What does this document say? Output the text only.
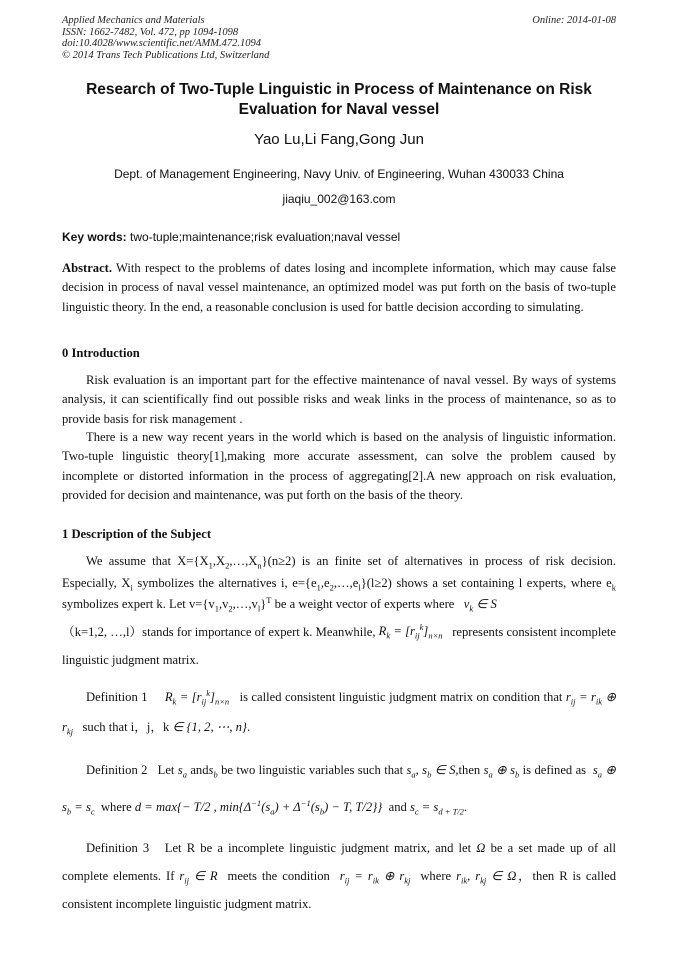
Applied Mechanics and Materials
ISSN: 1662-7482, Vol. 472, pp 1094-1098
doi:10.4028/www.scientific.net/AMM.472.1094
© 2014 Trans Tech Publications Ltd, Switzerland
Online: 2014-01-08
Research of Two-Tuple Linguistic in Process of Maintenance on Risk
Evaluation for Naval vessel
Yao Lu,Li Fang,Gong Jun
Dept. of Management Engineering, Navy Univ. of Engineering, Wuhan 430033 China
jiaqiu_002@163.com
Key words: two-tuple;maintenance;risk evaluation;naval vessel
Abstract. With respect to the problems of dates losing and incomplete information, which may cause false decision in process of naval vessel maintenance, an optimized model was put forth on the basis of two-tuple linguistic theory. In the end, a reasonable conclusion is used for battle decision according to simulating.
0 Introduction
Risk evaluation is an important part for the effective maintenance of naval vessel. By ways of systems analysis, it can scientifically find out possible risks and weak links in the process of maintenance, so as to provide basis for risk management .
There is a new way recent years in the world which is based on the analysis of linguistic information. Two-tuple linguistic theory[1],making more accurate assessment, can solve the problem caused by incomplete or distorted information in the process of aggregating[2].A new approach on risk evaluation, provided for decision and maintenance, was put forth on the basis of the theory.
1 Description of the Subject
We assume that $X=\{X_1,X_2,\dots,X_n\}(n\ge 2)$ is an finite set of alternatives in process of risk decision. Especially, $X_i$ symbolizes the alternatives i, $e=\{e_1,e_2,\dots,e_l\}(l\ge 2)$ shows a set containing l experts, where $e_k$ symbolizes expert k. Let $v=\{v_1,v_2,\dots,v_l\}^T$ be a weight vector of experts where   $v_k$ ∈ S
（k=1,2, …,l）stands for importance of expert k. Meanwhile, $R_k = [r_{ij}^k]_{n\times n}$   represents consistent incomplete linguistic judgment matrix.
Definition 1     $R_k = [r_{ij}^k]_{n\times n}$   is called consistent linguistic judgment matrix on condition that $r_{ij} = r_{ik}$ ⊕ $r_{kj}$   such that i，j，k ∈ {1, 2, ⋯, n}.
Definition 2 Let $s_a$ ands$_b$ be two linguistic variables such that $s_a$, $s_b$ ∈ S,then $s_a$ ⊕ $s_b$ is defined as  $s_a$ ⊕ $s_b = s_c$  where d = max{− T/2 , $\min\{\Delta^{-1}(s_a) + \Delta^{-1}(s_b) - T$, T/2}}  and $s_c = s_{d + T/2}$.
Definition 3 Let R be a incomplete linguistic judgment matrix, and let Ω be a set made up of all complete elements. If $r_{ij}$ ∈ R  meets the condition  $r_{ij} = r_{ik}$ ⊕ $r_{kj}$  where $r_{ik}$, $r_{kj}$ ∈ Ω，then R is called consistent incomplete linguistic judgment matrix.
